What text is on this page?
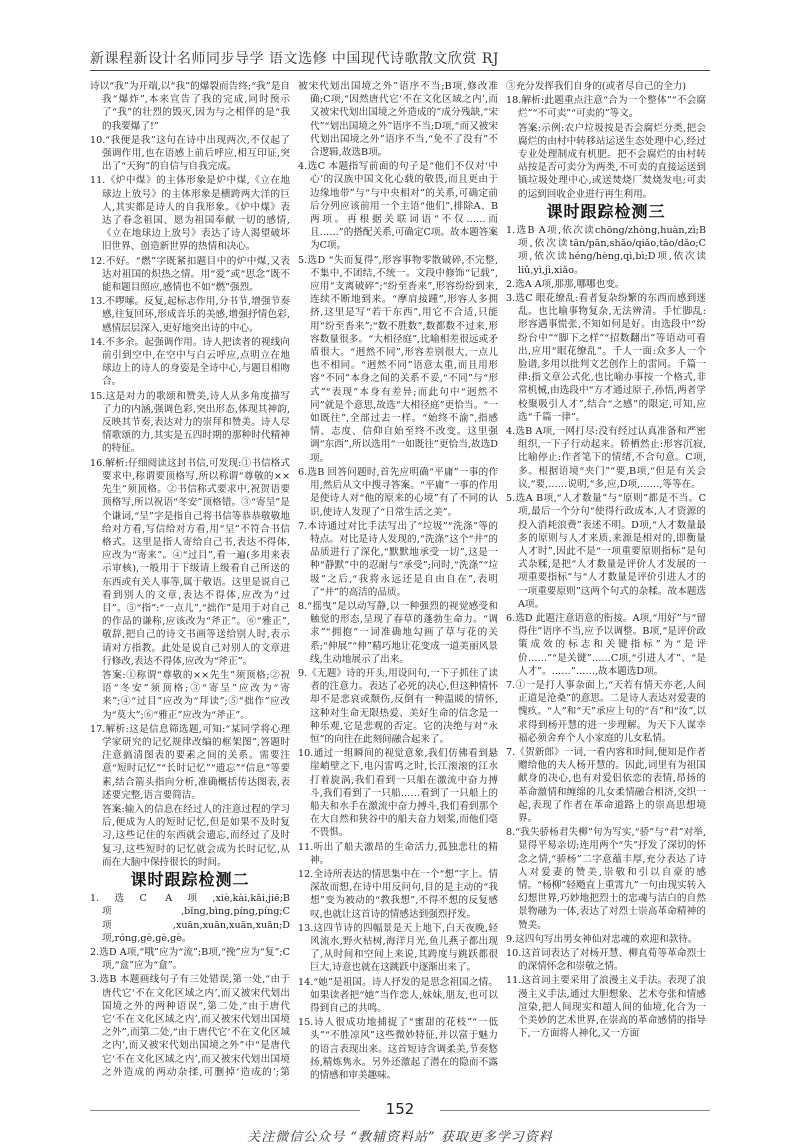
新课程新设计名师同步导学 语文选修 中国现代诗歌散文欣赏 RJ

诗以“我”为开端,以“我”的爆裂而告终;“我”是自我“爆炸”,本来宣告了我的完成,同时预示了“我”的壮烈的毁灭,因为与之相伴的是“我的我要爆了!”

10.“我便是我”这句在诗中出现两次,不仅起了强调作用,也在语感上前后呼应,相互印证,突出了“天狗”的自信与自我完成。

11.《炉中煤》的主体形象是炉中煤,《立在地球边上放号》的主体形象是横跨两大洋的巨人,其实都是诗人的自我形象。《炉中煤》表达了眷念祖国、愿为祖国奉献一切的感情,《立在地球边上放号》表达了诗人渴望破坏旧世界、创造新世界的热情和决心。

12.不好。“燃”字既紧扣题目中的炉中煤,又表达对祖国的炽热之情。用“爱”或“思念”既不能和题目照应,感情也不如“燃”强烈。

13.不啰嗦。反复,起标志作用,分书节,增强节奏感,往复回环,形成音乐的美感,增强抒情色彩,感情层层深入,更好地突出诗的中心。

14.不多余。起强调作用。诗人把读者的视线向前引到空中,在空中与白云呼应,点明立在地球边上的诗人的身姿是全诗中心,与题目相吻合。

15.这是对力的歌颂和赞美,诗人从多角度描写了力的内涵,强调色彩,突出形态,体现其神韵,反映其节奏,表达对力的崇拜和赞美。诗人尽情歌颂的力,其实是五四时期的那种时代精神的特征。

16.解析:仔细阅读这封书信,可发现:①书信格式要求中,称谓要顶格写,所以称谓“尊敬的××先生”须顶格。②书信称式要求中,祝贺语要顶格写,所以祝语“冬安”顶格错。③“寄呈”是个谦词,“呈”字是指自己将书信等恭恭敬敬地给对方看,写信给对方看,用“呈”不符合书信格式。这里是指人寄给自己书,表达不得体,应改为“寄来”。④“过目”,看一遍(多用来表示审核),一般用于下级请上级看自己所送的东西或有关人事等,属于敬语。这里是说自己看到别人的文章,表达不得体,应改为“过目”。⑤“指”:“一点儿”,“拙作”是用于对自己的作品的谦称,应该改为“斧正”。⑥“雅正”,敬辞,把自己的诗文书画等送给别人时,表示请对方指教。此处是说自己对别人的文章进行修改,表达不得体,应改为“斧正”。

答案:①称谓“尊敬的××先生”须顶格;②祝语“冬安”须顶格;③“寄呈”应改为“寄来”;④“过目”应改为“拜读”;⑤“拙作”应改为“莫大”;⑥“雅正”应改为“斧正”。

17.解析:这是信息筛选题,可知:“某同学将心理学家研究的记忆规律改编的框架图”,答题时注意搞清图表的要素之间的关系。需要注意“短时记忆”“长时记忆”“遗忘”“信息”等要素,结合箭头指向分析,准确概括传达图表,表述要完整,语言要简洁。

答案:输入的信息在经过人的注意过程的学习后,便成为人的短时记忆,但是如果不及时复习,这些记住的东西就会遗忘,而经过了及时复习,这些短时的记忆就会成为长时记忆,从而在大脑中保持很长的时间。

课时跟踪检测二

1.选C A项,xiè,kài,kǎi,jiē;B项,bǐng,bìng,píng,píng;C项,xuān,xuān,xuān,xuān;D项,róng,gè,gè,gè。

2.选D A项,“哦”应为“流”;B项,“挽”应为“复”;C项,“盒”应为“盒”。

3.选B 本题画线句子有三处错误,第一处,“由于唐代它‘不在文化区域之内’,而又被宋代划出国境之外的两种语误”,第二处,“由于唐代它‘不在文化区域之内’,而又被宋代划出国境之外”,而第二处,“由于唐代它‘不在文化区域之内’,而又被宋代划出国境之外”中“是唐代它‘不在文化区域之内’,而又被宋代划出国境之外造成的两动杂揉,可删掉‘造成的’;第

被宋代划出国境之外”语序不当;B项,修改准确;C项,“因然唐代它‘不在文化区域之内’,而又被宋代划出国境之外造成的”成分残缺,“宋代”“划出国境之外”语序不当;D项,“而又被宋代划出国境之外”语序不当,“免不了没有”不合逻辑,故选B项。

4.选C 本题指写前面的句子是“他们不仅对‘中心’的汉族中国文化心载的敬畏,而且更由于边缘地带”与“与中央相对”的关系,可确定前后分列应该前用一个主语“他们”,排除A、B两项。再根据关联词语“不仅……而且……”的搭配关系,可确定C项。故本题答案为C项。

5.选D “失而复得”,形容事物零散破碎,不完整,不集中,不团结,不统一。文段中修饰“记载”,应用“支离破碎”;“纷至沓来”,形容纷纷到来,连续不断地到来。“摩肩接踵”,形容人多拥挤,这里是写“若干东西”,用它不合适,只能用“纷至沓来”;“数不胜数”,数都数不过来,形容数量很多。“大相径庭”,比喻相差很远或矛盾很大。“迥然不同”,形容差别很大,一点儿也不相同。“迥然不同”语意太重,而且用形容“不同”本身之间的关系不妥,“不同”与“形式”“表现”本身有差异;而此句中“迥然不同”就是个意思,故选“大相径庭”更恰当。“一如既往”,全部过去一样。“始终不渝”,指感情、志度、信仰自始至终不改变。这里强调“东西”,所以选用“一如既往”更恰当,故选D项。

6.选B 回答问题时,首先应明确“平庸”一事的作用,然后从文中搜寻答案。“平庸”一事的作用是使诗人对“他的原来的心境”有了不同的认识,使诗人发现了“日常生活之美”。

7.本诗通过对比手法写出了“垃圾”“洗涤”等的特点。对比是诗人发现的,“洗涤”这个“井”的品质进行了深化,“默默地承受一切”,这是一种“静默”中的忍耐与“承受”;同时,“洗涤”“垃圾”之后,“我将永远还是自由自在”,表明了“井”的高洁的品质。

8.“摇曳”是以动写静,以一种强烈的视觉感受和触觉的形态,呈现了春草的蓬勃生命力。“调求”“拥抱”一词准确地勾画了草与花的关系;“伸展”“伸”精巧地让花变成一道美丽风景线,生动地展示了出来。

9.《无题》诗的开头,用设问句,一下子抓住了读者的注意力。表达了必死的决心,但这种情怀却不是悲哀或颓伤,反倒有一种温暖的情怀,这种对生命无限热爱、美好生命的信念是一种乐观,它是悲观的否定。它的决绝与对“永恒”的向往在此刻间融合起来了。

10.通过一组瞬间的视觉意象,我们仿佛看到悬崖峭壁之下,电闪雷鸣之时,长江滚滚的江水打着旋涡,我们看到一只船在激流中奋力搏斗,我们看到了一只船……看到了一只船上的船夫和水手在激流中奋力搏斗,我们看到那个在大自然和狭谷中的船夫奋力划桨,而他们毫不畏惧。

11.听出了船夫激昂的生命活力,孤独悲壮的精神。

12.全诗所表达的情思集中在一个“想”字上。情深故而想,在诗中用反问句,目的是主动的“我想”变为被动的“教我想”,不得不想的反复感叹,也就让这首诗的情感达到强烈抒发。

13.这四节诗的四幅景是天上地下,白天夜晚,轻风流水,野火枯树,海洋月光,鱼儿燕子都出现了,从时间和空间上来说,其跨度与跳跃都很巨大,诗意也就在这跳跃中逐渐出来了。

14.“她”是祖国。诗人抒发的是思念祖国之情。如果读者把“她”当作恋人,妹妹,朋友,也可以得到自己的共鸣。

15.诗人很成功地捕捉了“蜜甜的花枝”“一低头”“不胜凉风”这些微妙特征,并以富于魅力的语言表现出来。这首短诗含调柔美,节奏悠扬,精炼隽永。另外还激起了潜在的隐而不露的情感和审美趣味。

③充分发挥我们自身的(或者尽自己的全力)

18.解析:此题重点注意“合为一个整体”“不会腐烂”“不可卖”“可卖的”等文。

答案:示例:农户垃圾按是否会腐烂分类,把会腐烂的由村中转移站运送生态处理中心,经过专业处理制成有机肥。把不会腐烂的由村转站按是否可卖分为两类,不可卖的直接运送到镇垃圾处理中心,或送焚烧厂焚烧发电;可卖的运到回收企业进行再生利用。

课时跟踪检测三

1.选B A项,依次读chōng/zhòng,huàn,zì;B项,依次读tān/pān,shǎo/qiǎo,tāo/dǎo;C项,依次读héng/hèng,qì,bì;D项,依次读liǔ,yì,jì,xiǎo。

2.选A A项,那那,哪哪也变。

3.选C 眼花缭乱:看者复杂纷繁的东西而感到迷乱。也比喻事物复杂,无法辨清。手忙脚乱:形容遇事慌张,不知如何是好。由选段中“纷纷台中”“脚下之样”“招数翻出”等语动可看出,应用“眼花缭乱”。千人一面:众多人一个脸谱,多用以批判文艺创作上的雷同。千篇一律:指文章公式化,也比喻办事按一个格式,非常机械,由选段中“方才通过原子,孙悟,两者学校聚吸引人才”,结合“之感”的限定,可知,应选“千篇一律”。

4.选B A项,一网打尽:没有经过认真准备和严密组织,一下子行动起来。轿栖然止:形容沉寂,比喻停止:作者笔下的情绪,不合句意。C项,多。根据语境“夹门”“要,B项,“但是有关会议,“要,……说明,“多,应,D项,……,等等在。

5.选A B项,“人才数量”与“原则”都是不当。C项,最后一个分句“使得行政成本,人才资源的投入消耗浪费”表述不明。D项,“人才数量最多的原则与人才来质,来源是相对的,即衡量人才时”,因此不是“一项重要原则指标”是句式杂糅,是把“人才数量是评价人才发展的一项重要指标”与“人才数量是评价引进人才的一项重要原则”这两个句式的杂糅。故本题选A项。

6.选D 此题注意语意的衔接。A项,“用好”与“留得住”语序不当,应予以调整。B项,“是评价政策成效的标志和关键指标”为“是评价……”“是关键”……C项,“引进人才”、“是人才”。……”……,故本题选D项。

7.①一是打人事杂面上,“天若有情天亦老,人间正道是沧桑”的意思。二是诗人表达对爱妻的愧疚。“人”和“天”承应上句的“吾”和“汝”,以求得到杨开慧的进一步理解。为天下人谋幸福必须舍弃个人小家庭的儿女私情。

7.《贺新郎》一词,一看内容和时间,便知是作者赠给他的夫人杨开慧的。因此,词里有为祖国献身的决心,也有对爱侣依恋的表情,昂扬的革命激情和缠绵的儿女柔情融合相济,交织一起,表现了作者在革命道路上的崇高思想境界。

8.“我失骄杨君失柳”句为写实,“骄”与“君”对举,显得平易亲切;连用两个“失”抒发了深切的怀念之情,“骄杨”二字意蕴丰厚,充分表达了诗人对爱妻的赞美,崇敬和引以自豪的感情。“杨柳”轻飏直上重霄九”一句由现实转入幻想世界,巧妙地把烈士的忠魂与洁白的自然景物融为一体,表达了对烈士崇高革命精神的赞美。

9.这四句写出男女神仙对忠魂的欢迎和款待。

10.这首词表达了对杨开慧、柳直荀等革命烈士的深情怀念和崇敬之情。

11.这首词主要采用了浪漫主义手法。表现了浪漫主义手法,通过大胆想象、艺术夸张和情感渲染,把人间现实和超人间的仙境,化合为一个美妙的艺术世界,在崇高的革命感情的指导下,一方面将人神化,又一方面

152
关注微信公众号 “教辅资料站” 获取更多学习资料
